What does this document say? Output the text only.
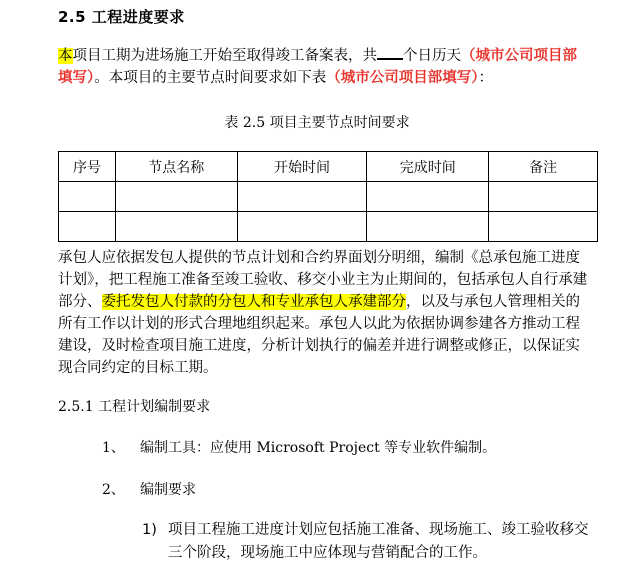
2.5 工程进度要求
本项目工期为进场施工开始至取得竣工备案表，共 个日历天（城市公司项目部填写）。本项目的主要节点时间要求如下表（城市公司项目部填写）：
表 2.5 项目主要节点时间要求
序号	节点名称	开始时间	完成时间	备注

承包人应依据发包人提供的节点计划和合约界面划分明细，编制《总承包施工进度计划》，把工程施工准备至竣工验收、移交小业主为止期间的，包括承包人自行承建部分、委托发包人付款的分包人和专业承包人承建部分，以及与承包人管理相关的所有工作以计划的形式合理地组织起来。承包人以此为依据协调参建各方推动工程建设，及时检查项目施工进度，分析计划执行的偏差并进行调整或修正，以保证实现合同约定的目标工期。
2.5.1 工程计划编制要求
1、 编制工具：应使用 Microsoft Project 等专业软件编制。
2、 编制要求
1) 项目工程施工进度计划应包括施工准备、现场施工、竣工验收移交三个阶段，现场施工中应体现与营销配合的工作。
